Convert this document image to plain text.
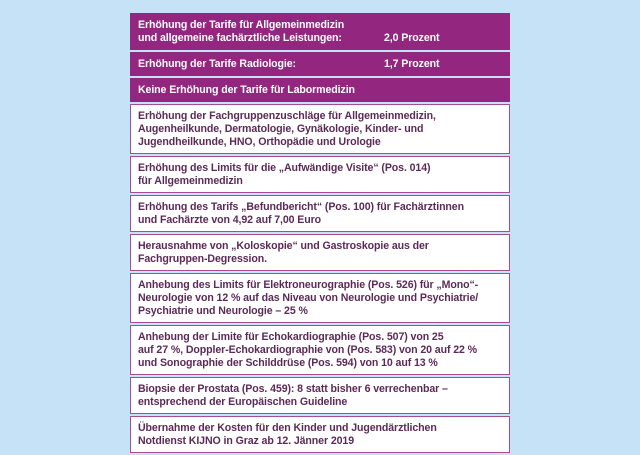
Erhöhung der Tarife für Allgemeinmedizin
und allgemeine fachärztliche Leistungen:
	2,0 Prozent
Erhöhung der Tarife Radiologie:	1,7 Prozent
Keine Erhöhung der Tarife für Labormedizin
Erhöhung der Fachgruppenzuschläge für Allgemeinmedizin,
Augenheilkunde, Dermatologie, Gynäkologie, Kinder- und
Jugendheilkunde, HNO, Orthopädie und Urologie
Erhöhung des Limits für die „Aufwändige Visite“ (Pos. 014)
für Allgemeinmedizin
Erhöhung des Tarifs „Befundbericht“ (Pos. 100) für Fachärztinnen
und Fachärzte von 4,92 auf 7,00 Euro
Herausnahme von „Koloskopie“ und Gastroskopie aus der
Fachgruppen-Degression.
Anhebung des Limits für Elektroneurographie (Pos. 526) für „Mono“-
Neurologie von 12 % auf das Niveau von Neurologie und Psychiatrie/
Psychiatrie und Neurologie – 25 %
Anhebung der Limite für Echokardiographie (Pos. 507) von 25
auf 27 %, Doppler-Echokardiographie von (Pos. 583) von 20 auf 22 %
und Sonographie der Schilddrüse (Pos. 594) von 10 auf 13 %
Biopsie der Prostata (Pos. 459): 8 statt bisher 6 verrechenbar –
entsprechend der Europäischen Guideline
Übernahme der Kosten für den Kinder und Jugendärztlichen
Notdienst KIJNO in Graz ab 12. Jänner 2019
